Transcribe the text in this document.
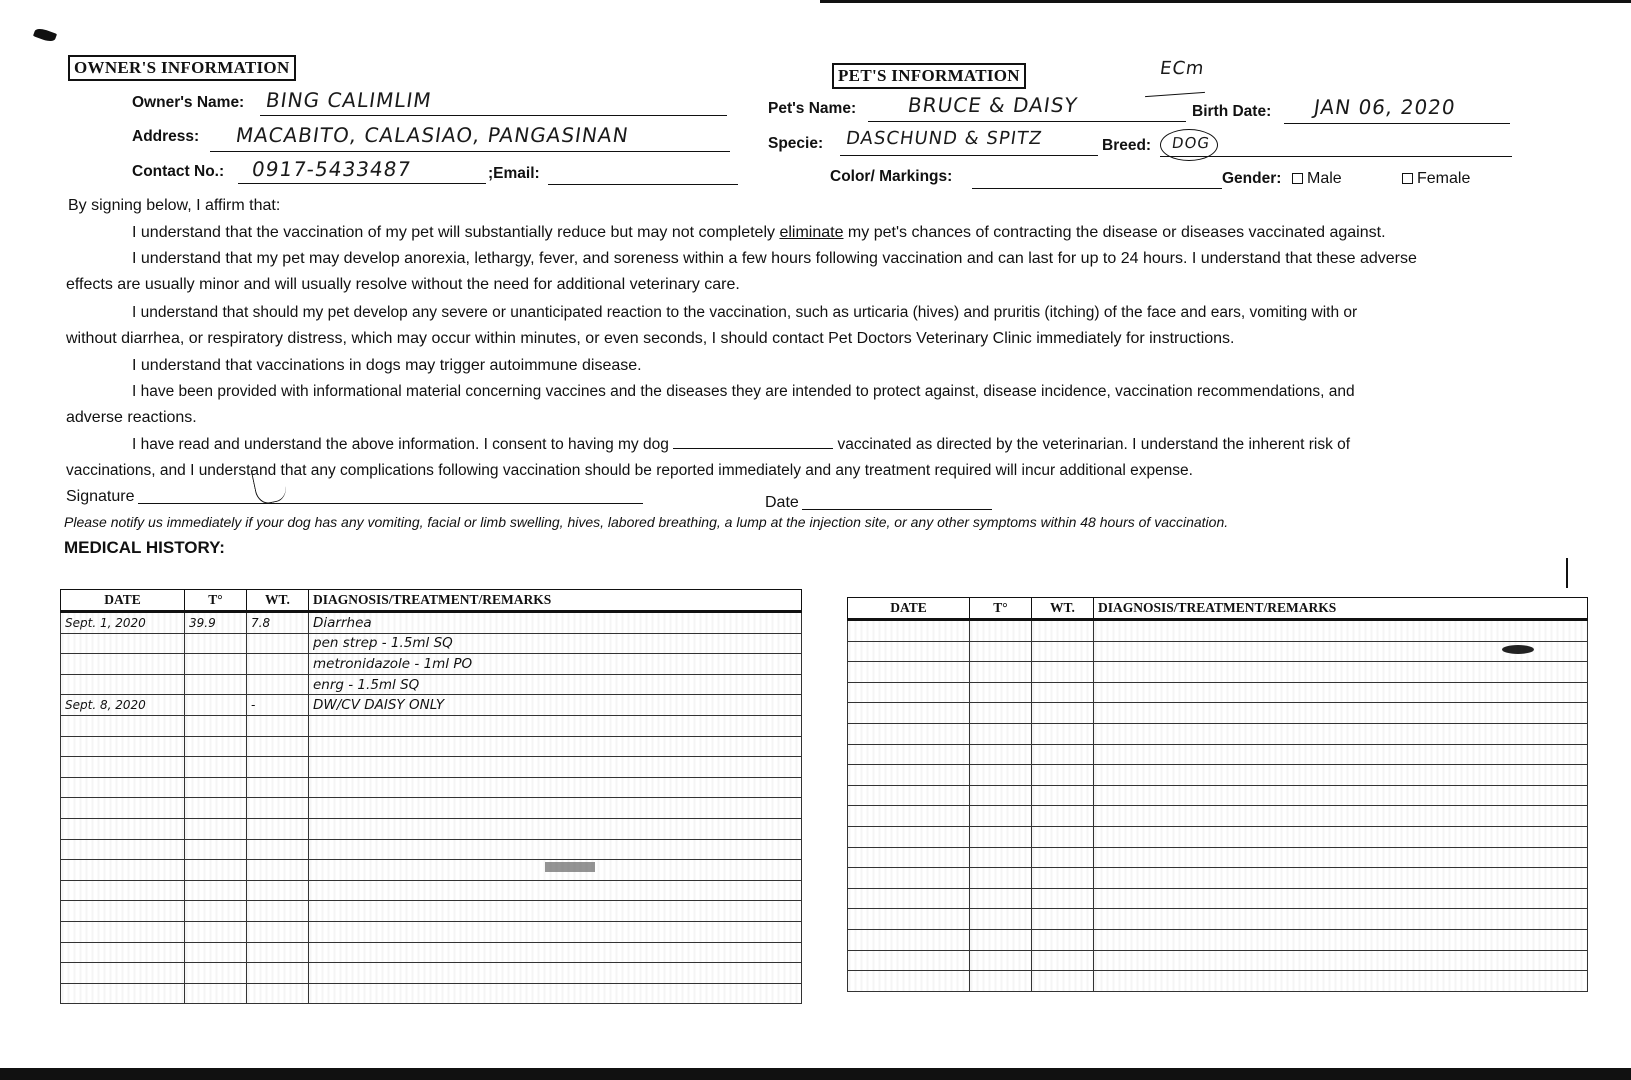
OWNER'S INFORMATION
Owner's Name: BING CALIMLIM
Address: MACABITO, CALASIAO, PANGASINAN
Contact No.: 0917-5433487	;Email:
PET'S INFORMATION	ECm
Pet's Name:	BRUCE & DAISY	Birth Date: JAN 06, 2020
Specie: DASCHUND & SPITZ	Breed: DOG
Color/ Markings:	Gender:	Male	Female
By signing below, I affirm that:
I understand that the vaccination of my pet will substantially reduce but may not completely eliminate my pet's chances of contracting the disease or diseases vaccinated against.
I understand that my pet may develop anorexia, lethargy, fever, and soreness within a few hours following vaccination and can last for up to 24 hours. I understand that these adverse
effects are usually minor and will usually resolve without the need for additional veterinary care.
I understand that should my pet develop any severe or unanticipated reaction to the vaccination, such as urticaria (hives) and pruritis (itching) of the face and ears, vomiting with or
without diarrhea, or respiratory distress, which may occur within minutes, or even seconds, I should contact Pet Doctors Veterinary Clinic immediately for instructions.
I understand that vaccinations in dogs may trigger autoimmune disease.
I have been provided with informational material concerning vaccines and the diseases they are intended to protect against, disease incidence, vaccination recommendations, and
adverse reactions.
I have read and understand the above information. I consent to having my dog	vaccinated as directed by the veterinarian. I understand the inherent risk of
vaccinations, and I understand that any complications following vaccination should be reported immediately and any treatment required will incur additional expense.
Signature	Date
Please notify us immediately if your dog has any vomiting, facial or limb swelling, hives, labored breathing, a lump at the injection site, or any other symptoms within 48 hours of vaccination.
MEDICAL HISTORY:
DATE	T°	WT.	DIAGNOSIS/TREATMENT/REMARKS
Sept. 1, 2020	39.9	7.8	Diarrhea
			pen strep - 1.5ml SQ
			metronidazole - 1ml PO
			enrg - 1.5ml SQ
Sept. 8, 2020		-	DW/CV DAISY ONLY

DATE	T°	WT.	DIAGNOSIS/TREATMENT/REMARKS
